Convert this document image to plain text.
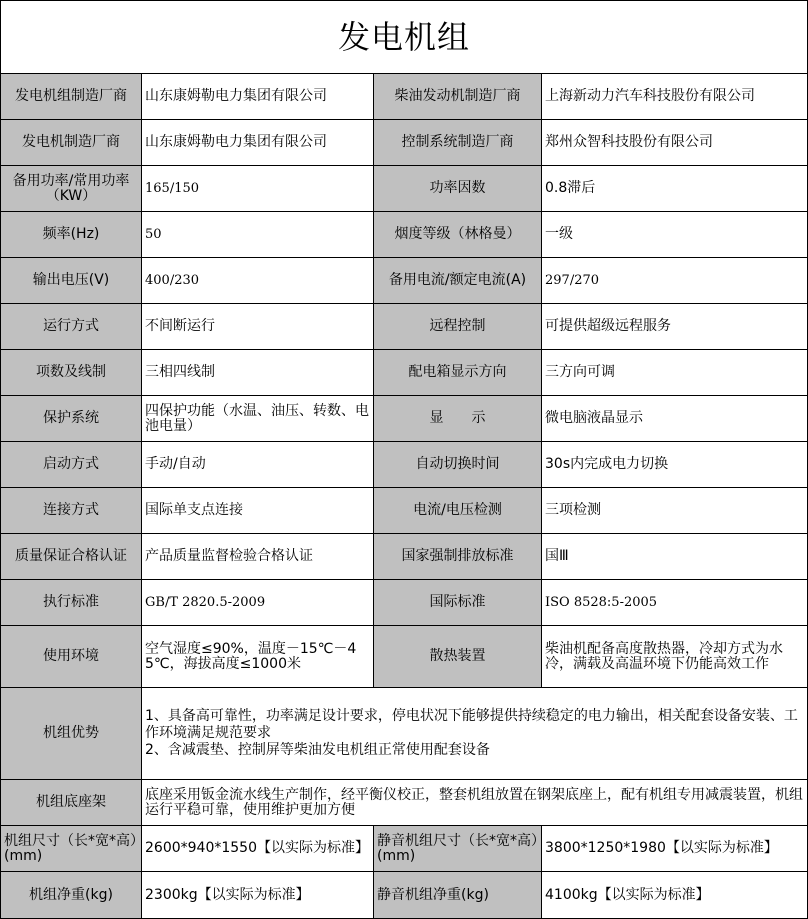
发电机组			
发电机组制造厂商	山东康姆勒电力集团有限公司	柴油发动机制造厂商	上海新动力汽车科技股份有限公司
发电机制造厂商	山东康姆勒电力集团有限公司	控制系统制造厂商	郑州众智科技股份有限公司
备用功率/常用功率（KW）	165/150	功率因数	0.8滞后
频率(Hz)	50	烟度等级（林格曼）	一级
输出电压(V)	400/230	备用电流/额定电流(A)	297/270
运行方式	不间断运行	远程控制	可提供超级远程服务
项数及线制	三相四线制	配电箱显示方向	三方向可调
保护系统	四保护功能（水温、油压、转数、电池电量）	显　　示	微电脑液晶显示
启动方式	手动/自动	自动切换时间	30s内完成电力切换
连接方式	国际单支点连接	电流/电压检测	三项检测
质量保证合格认证	产品质量监督检验合格认证	国家强制排放标准	国Ⅲ
执行标准	GB/T 2820.5-2009	国际标准	ISO 8528:5-2005
使用环境	空气湿度≤90%，温度－15℃－45℃，海拔高度≤1000米	散热装置	柴油机配备高度散热器，冷却方式为水冷，满载及高温环境下仍能高效工作
机组优势	1、具备高可靠性，功率满足设计要求，停电状况下能够提供持续稳定的电力输出，相关配套设备安装、工作环境满足规范要求
2、含减震垫、控制屏等柴油发电机组正常使用配套设备		

机组底座架	底座采用钣金流水线生产制作，经平衡仪校正，整套机组放置在钢架底座上，配有机组专用减震装置，机组运行平稳可靠，使用维护更加方便		
机组尺寸（长*宽*高）(mm)	2600*940*1550【以实际为标准】	静音机组尺寸（长*宽*高）(mm)	3800*1250*1980【以实际为标准】
机组净重(kg)	2300kg【以实际为标准】	静音机组净重(kg)	4100kg【以实际为标准】
